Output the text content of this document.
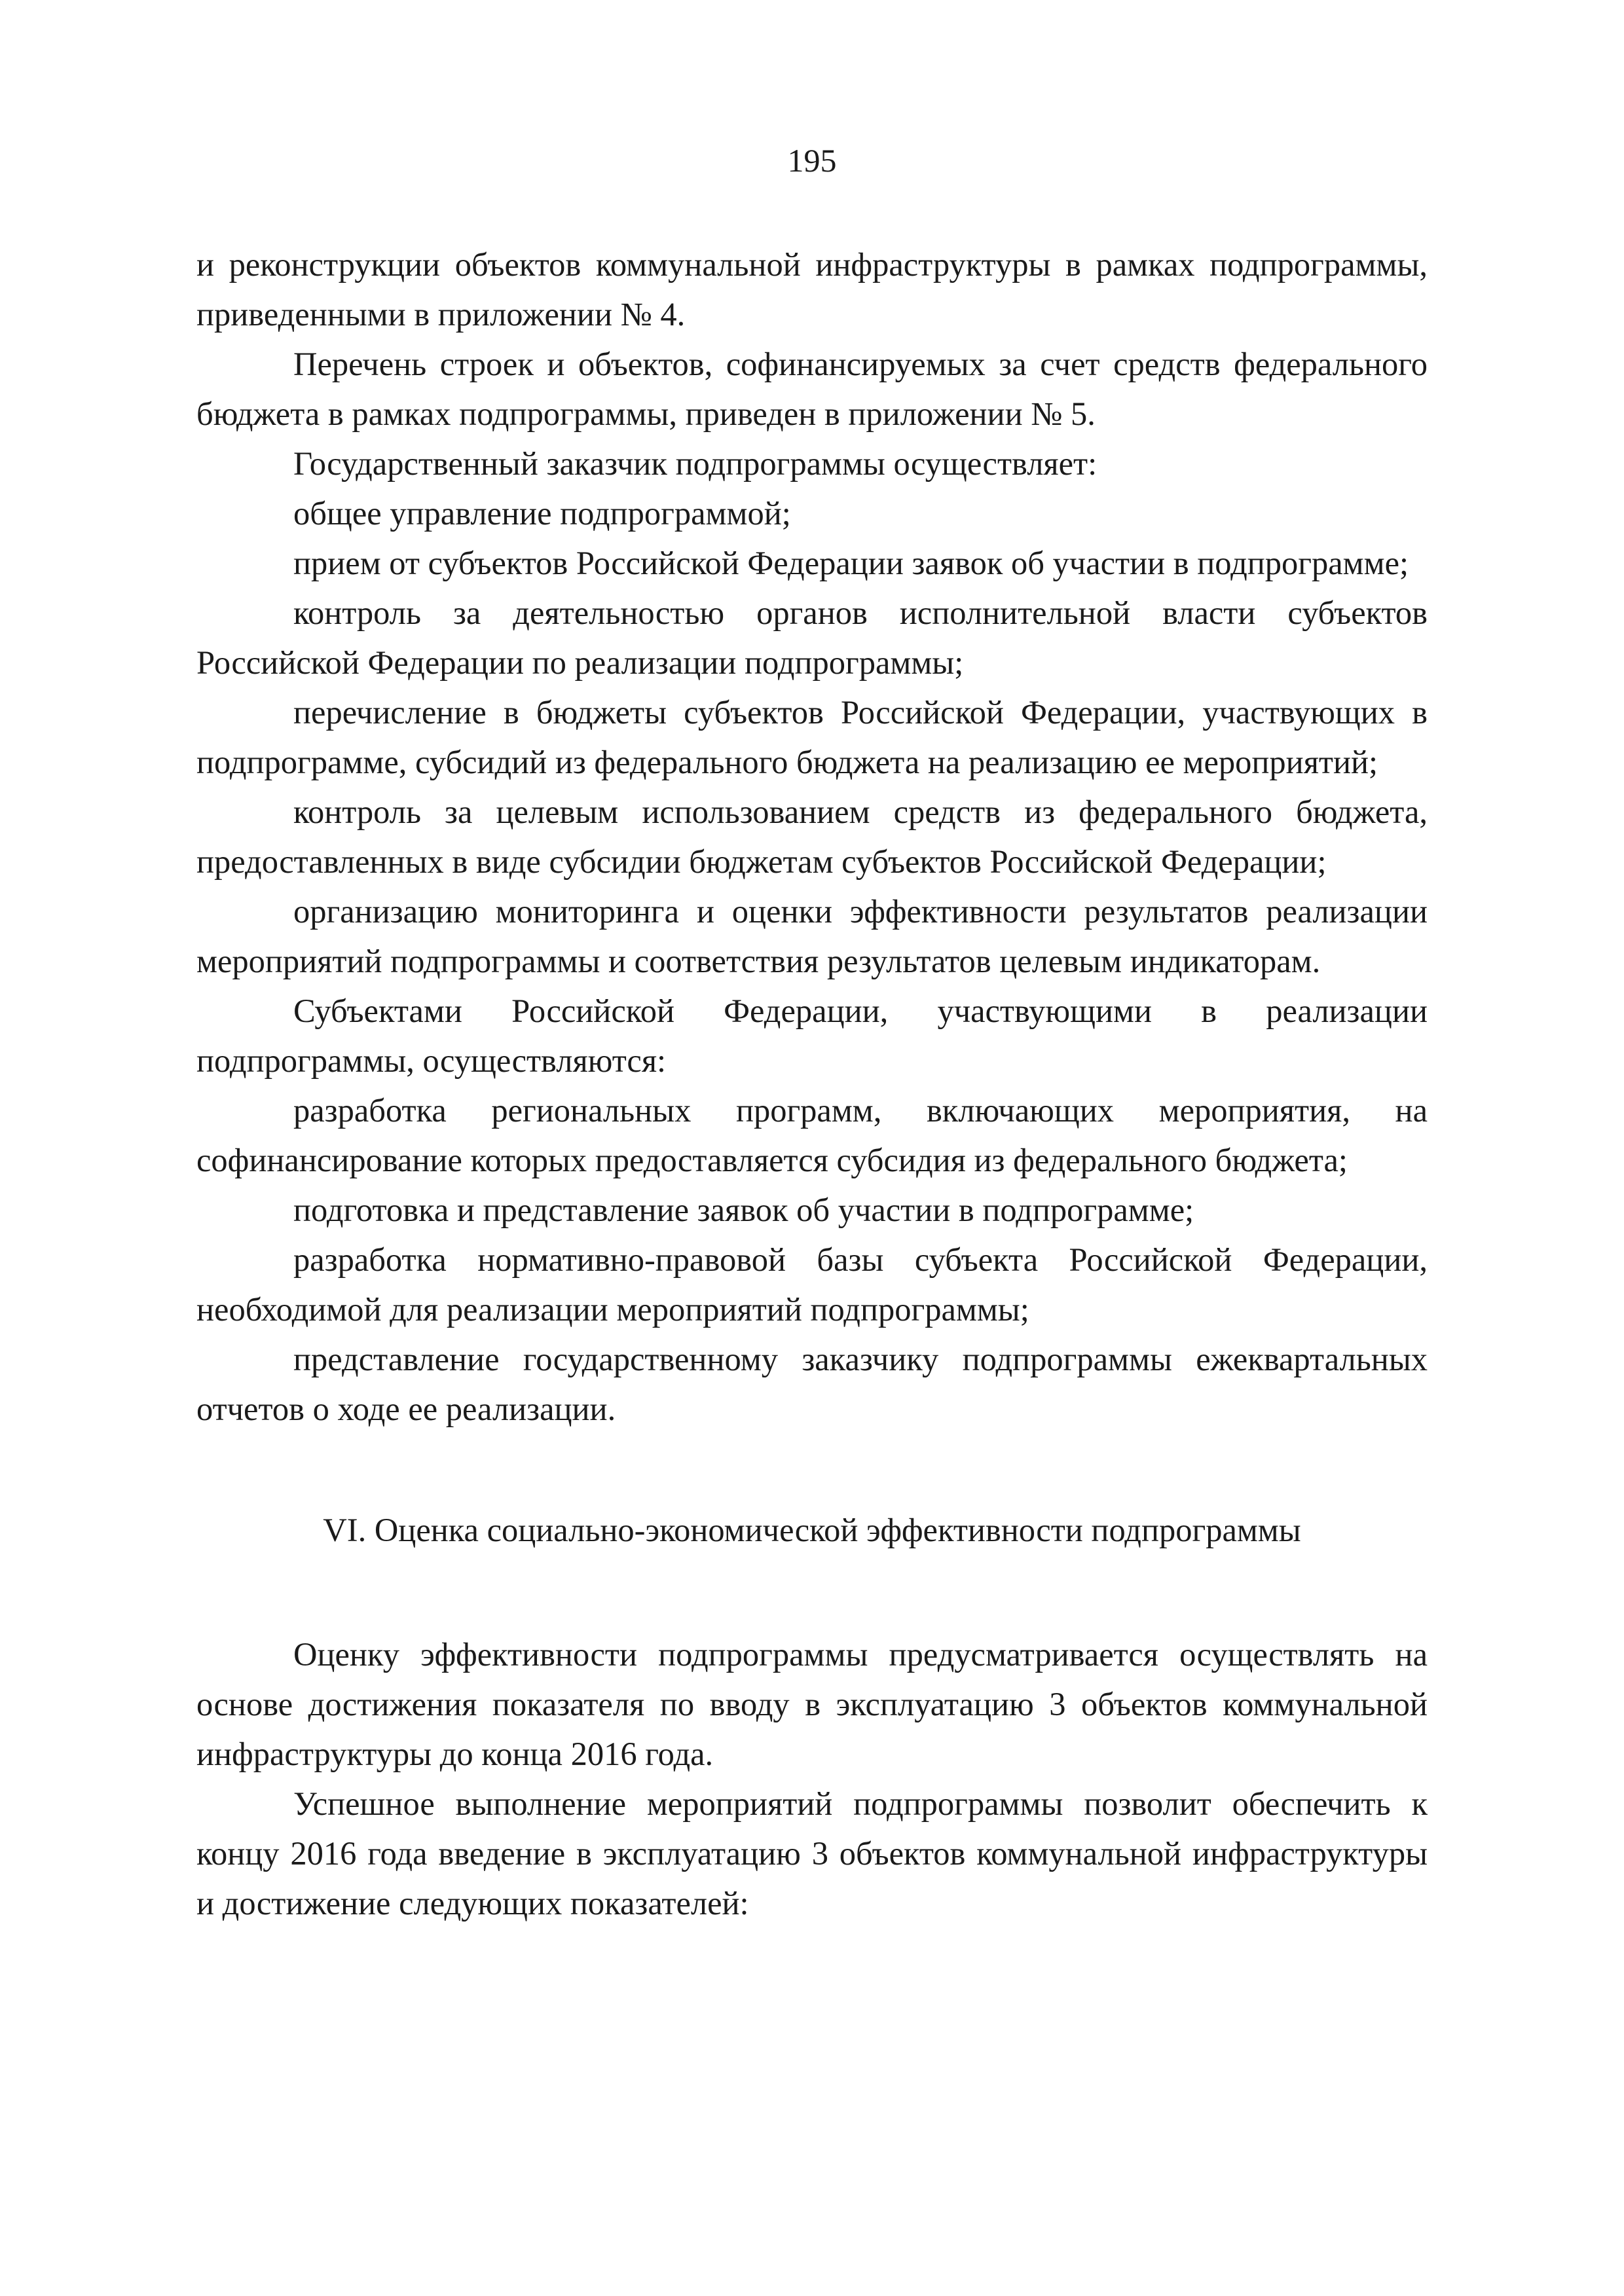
195

и реконструкции объектов коммунальной инфраструктуры в рамках подпрограммы, приведенными в приложении № 4.

Перечень строек и объектов, софинансируемых за счет средств федерального бюджета в рамках подпрограммы, приведен в приложении № 5.

Государственный заказчик подпрограммы осуществляет:

общее управление подпрограммой;

прием от субъектов Российской Федерации заявок об участии в подпрограмме;

контроль за деятельностью органов исполнительной власти субъектов Российской Федерации по реализации подпрограммы;

перечисление в бюджеты субъектов Российской Федерации, участвующих в подпрограмме, субсидий из федерального бюджета на реализацию ее мероприятий;

контроль за целевым использованием средств из федерального бюджета, предоставленных в виде субсидии бюджетам субъектов Российской Федерации;

организацию мониторинга и оценки эффективности результатов реализации мероприятий подпрограммы и соответствия результатов целевым индикаторам.

Субъектами Российской Федерации, участвующими в реализации подпрограммы, осуществляются:

разработка региональных программ, включающих мероприятия, на софинансирование которых предоставляется субсидия из федерального бюджета;

подготовка и представление заявок об участии в подпрограмме;

разработка нормативно-правовой базы субъекта Российской Федерации, необходимой для реализации мероприятий подпрограммы;

представление государственному заказчику подпрограммы ежеквартальных отчетов о ходе ее реализации.

VI. Оценка социально-экономической эффективности подпрограммы

Оценку эффективности подпрограммы предусматривается осуществлять на основе достижения показателя по вводу в эксплуатацию 3 объектов коммунальной инфраструктуры до конца 2016 года.

Успешное выполнение мероприятий подпрограммы позволит обеспечить к концу 2016 года введение в эксплуатацию 3 объектов коммунальной инфраструктуры и достижение следующих показателей:
